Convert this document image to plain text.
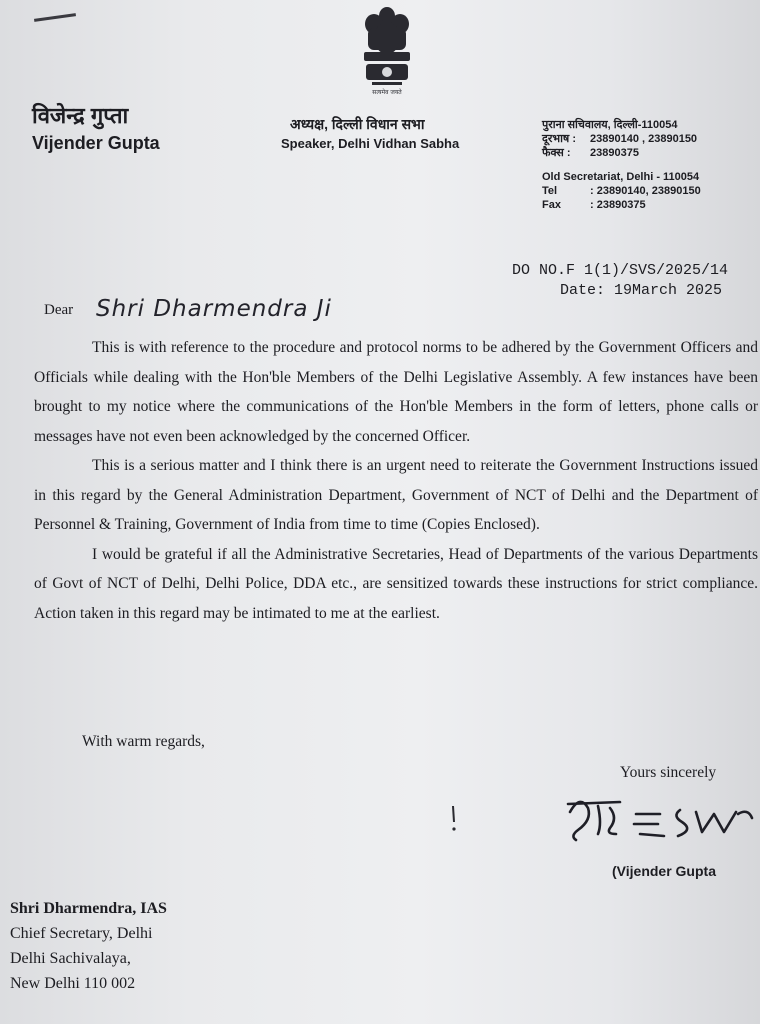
सत्यमेव जयते
विजेन्द्र गुप्ता
Vijender Gupta
अध्यक्ष, दिल्ली विधान सभा
Speaker, Delhi Vidhan Sabha
पुराना सचिवालय, दिल्ली-110054
दूरभाष : 23890140 , 23890150
फैक्स : 23890375
Old Secretariat, Delhi - 110054
Tel	: 23890140, 23890150
Fax	: 23890375
DO NO.F 1(1)/SVS/2025/14
Date: 19March 2025
Dear Shri Dharmendra Ji

This is with reference to the procedure and protocol norms to be adhered by the Government Officers and Officials while dealing with the Hon'ble Members of the Delhi Legislative Assembly. A few instances have been brought to my notice where the communications of the Hon'ble Members in the form of letters, phone calls or messages have not even been acknowledged by the concerned Officer.

This is a serious matter and I think there is an urgent need to reiterate the Government Instructions issued in this regard by the General Administration Department, Government of NCT of Delhi and the Department of Personnel & Training, Government of India from time to time (Copies Enclosed).

I would be grateful if all the Administrative Secretaries, Head of Departments of the various Departments of Govt of NCT of Delhi, Delhi Police, DDA etc., are sensitized towards these instructions for strict compliance. Action taken in this regard may be intimated to me at the earliest.

With warm regards,
Yours sincerely
(Vijender Gupta
Shri Dharmendra, IAS
Chief Secretary, Delhi
Delhi Sachivalaya,
New Delhi 110 002
